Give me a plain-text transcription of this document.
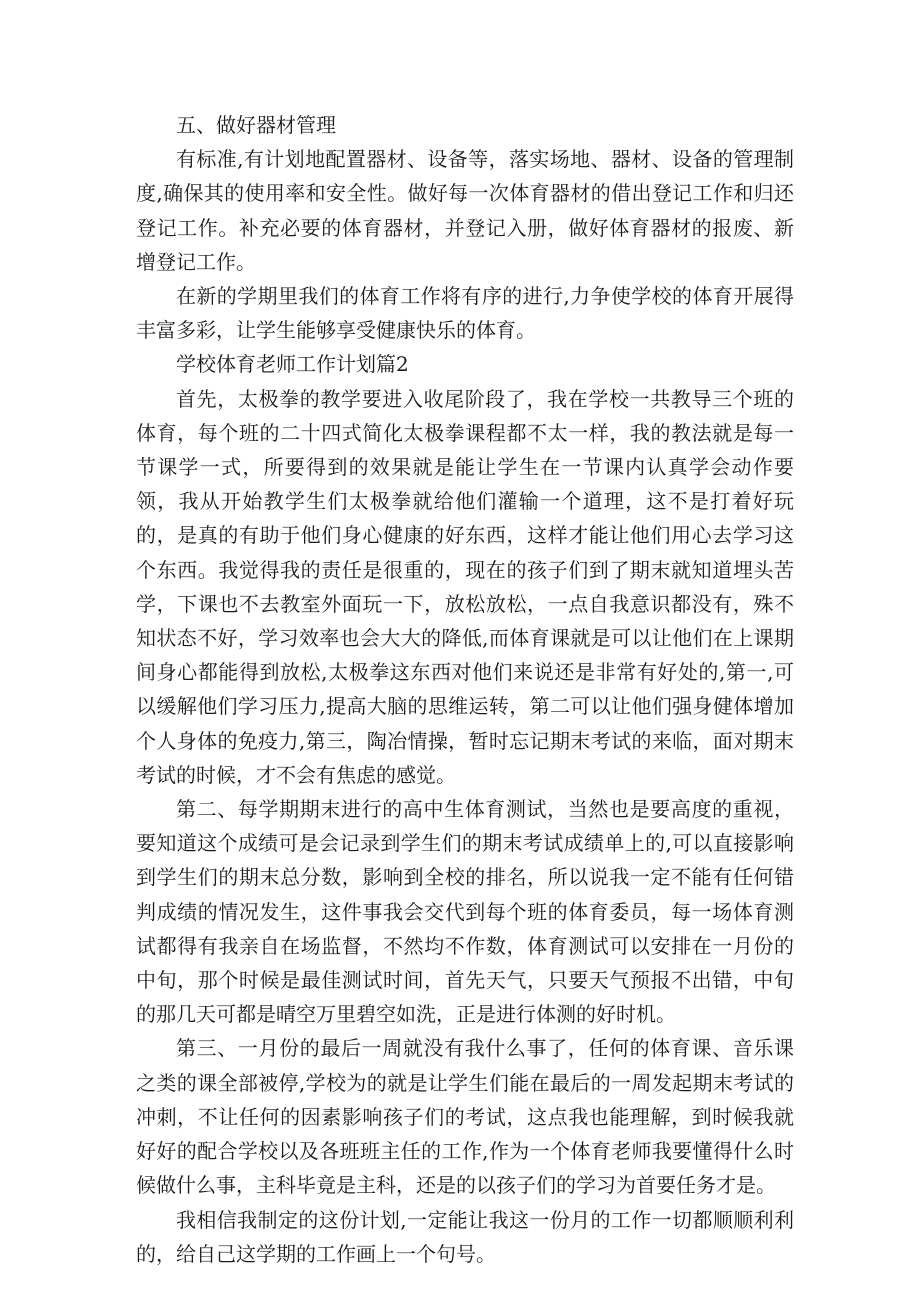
五、做好器材管理

有标准,有计划地配置器材、设备等，落实场地、器材、设备的管理制度,确保其的使用率和安全性。做好每一次体育器材的借出登记工作和归还登记工作。补充必要的体育器材，并登记入册，做好体育器材的报废、新增登记工作。

在新的学期里我们的体育工作将有序的进行,力争使学校的体育开展得丰富多彩，让学生能够享受健康快乐的体育。

学校体育老师工作计划篇2

首先，太极拳的教学要进入收尾阶段了，我在学校一共教导三个班的体育，每个班的二十四式简化太极拳课程都不太一样，我的教法就是每一节课学一式，所要得到的效果就是能让学生在一节课内认真学会动作要领，我从开始教学生们太极拳就给他们灌输一个道理，这不是打着好玩的，是真的有助于他们身心健康的好东西，这样才能让他们用心去学习这个东西。我觉得我的责任是很重的，现在的孩子们到了期末就知道埋头苦学，下课也不去教室外面玩一下，放松放松，一点自我意识都没有，殊不知状态不好，学习效率也会大大的降低,而体育课就是可以让他们在上课期间身心都能得到放松,太极拳这东西对他们来说还是非常有好处的,第一,可以缓解他们学习压力,提高大脑的思维运转，第二可以让他们强身健体增加个人身体的免疫力,第三，陶冶情操，暂时忘记期末考试的来临，面对期末考试的时候，才不会有焦虑的感觉。

第二、每学期期末进行的高中生体育测试，当然也是要高度的重视，要知道这个成绩可是会记录到学生们的期末考试成绩单上的,可以直接影响到学生们的期末总分数，影响到全校的排名，所以说我一定不能有任何错判成绩的情况发生，这件事我会交代到每个班的体育委员，每一场体育测试都得有我亲自在场监督，不然均不作数，体育测试可以安排在一月份的中旬，那个时候是最佳测试时间，首先天气，只要天气预报不出错，中旬的那几天可都是晴空万里碧空如洗，正是进行体测的好时机。

第三、一月份的最后一周就没有我什么事了，任何的体育课、音乐课之类的课全部被停,学校为的就是让学生们能在最后的一周发起期末考试的冲刺，不让任何的因素影响孩子们的考试，这点我也能理解，到时候我就好好的配合学校以及各班班主任的工作,作为一个体育老师我要懂得什么时候做什么事，主科毕竟是主科，还是的以孩子们的学习为首要任务才是。

我相信我制定的这份计划,一定能让我这一份月的工作一切都顺顺利利的，给自己这学期的工作画上一个句号。
